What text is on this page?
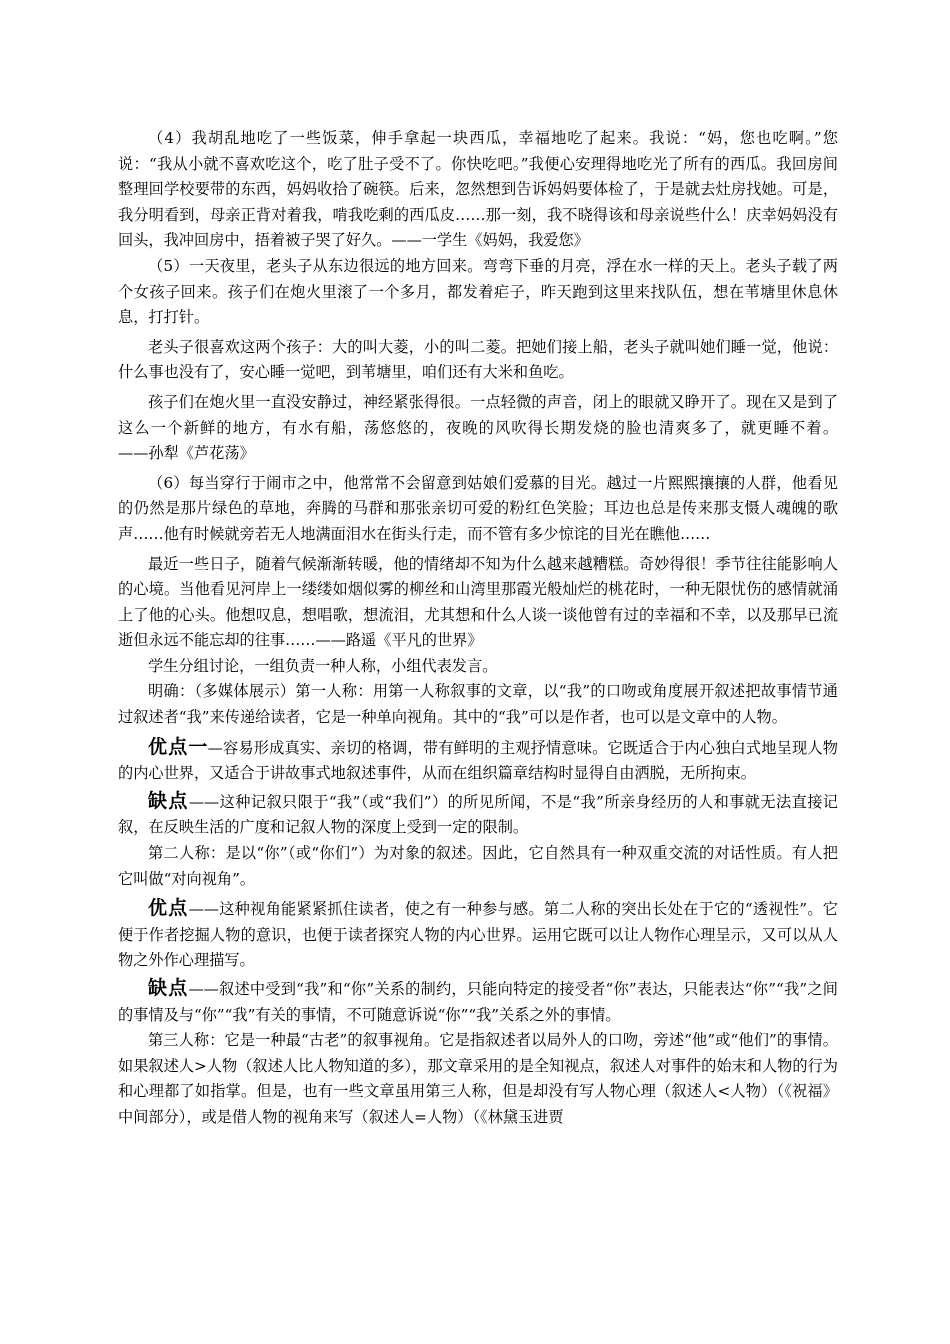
（4）我胡乱地吃了一些饭菜，伸手拿起一块西瓜，幸福地吃了起来。我说：“妈，您也吃啊。”您说：“我从小就不喜欢吃这个，吃了肚子受不了。你快吃吧。”我便心安理得地吃光了所有的西瓜。我回房间整理回学校要带的东西，妈妈收拾了碗筷。后来，忽然想到告诉妈妈要体检了，于是就去灶房找她。可是，我分明看到，母亲正背对着我，啃我吃剩的西瓜皮……那一刻，我不晓得该和母亲说些什么！庆幸妈妈没有回头，我冲回房中，捂着被子哭了好久。——一学生《妈妈，我爱您》

（5）一天夜里，老头子从东边很远的地方回来。弯弯下垂的月亮，浮在水一样的天上。老头子载了两个女孩子回来。孩子们在炮火里滚了一个多月，都发着疟子，昨天跑到这里来找队伍，想在苇塘里休息休息，打打针。

老头子很喜欢这两个孩子：大的叫大菱，小的叫二菱。把她们接上船，老头子就叫她们睡一觉，他说：什么事也没有了，安心睡一觉吧，到苇塘里，咱们还有大米和鱼吃。

孩子们在炮火里一直没安静过，神经紧张得很。一点轻微的声音，闭上的眼就又睁开了。现在又是到了这么一个新鲜的地方，有水有船，荡悠悠的，夜晚的风吹得长期发烧的脸也清爽多了，就更睡不着。——孙犁《芦花荡》

（6）每当穿行于闹市之中，他常常不会留意到姑娘们爱慕的目光。越过一片熙熙攘攘的人群，他看见的仍然是那片绿色的草地，奔腾的马群和那张亲切可爱的粉红色笑脸；耳边也总是传来那支慑人魂魄的歌声……他有时候就旁若无人地满面泪水在街头行走，而不管有多少惊诧的目光在瞧他……

最近一些日子，随着气候渐渐转暖，他的情绪却不知为什么越来越糟糕。奇妙得很！季节往往能影响人的心境。当他看见河岸上一缕缕如烟似雾的柳丝和山湾里那霞光般灿烂的桃花时，一种无限忧伤的感情就涌上了他的心头。他想叹息，想唱歌，想流泪，尤其想和什么人谈一谈他曾有过的幸福和不幸，以及那早已流逝但永远不能忘却的往事……——路遥《平凡的世界》

学生分组讨论，一组负责一种人称，小组代表发言。

明确：（多媒体展示）第一人称：用第一人称叙事的文章，以“我”的口吻或角度展开叙述把故事情节通过叙述者“我”来传递给读者，它是一种单向视角。其中的“我”可以是作者，也可以是文章中的人物。

优点一—容易形成真实、亲切的格调，带有鲜明的主观抒情意味。它既适合于内心独白式地呈现人物的内心世界，又适合于讲故事式地叙述事件，从而在组织篇章结构时显得自由洒脱，无所拘束。

缺点——这种记叙只限于“我”（或“我们”）的所见所闻，不是“我”所亲身经历的人和事就无法直接记叙，在反映生活的广度和记叙人物的深度上受到一定的限制。

第二人称：是以“你”（或“你们”）为对象的叙述。因此，它自然具有一种双重交流的对话性质。有人把它叫做“对向视角”。

优点——这种视角能紧紧抓住读者，使之有一种参与感。第二人称的突出长处在于它的“透视性”。它便于作者挖掘人物的意识，也便于读者探究人物的内心世界。运用它既可以让人物作心理呈示，又可以从人物之外作心理描写。

缺点——叙述中受到“我”和“你”关系的制约，只能向特定的接受者“你”表达，只能表达“你”“我”之间的事情及与“你”“我”有关的事情，不可随意诉说“你”“我”关系之外的事情。

第三人称：它是一种最“古老”的叙事视角。它是指叙述者以局外人的口吻，旁述“他”或“他们”的事情。如果叙述人>人物（叙述人比人物知道的多），那文章采用的是全知视点，叙述人对事件的始末和人物的行为和心理都了如指掌。但是，也有一些文章虽用第三人称，但是却没有写人物心理（叙述人<人物）（《祝福》中间部分），或是借人物的视角来写（叙述人=人物）（《林黛玉进贾
